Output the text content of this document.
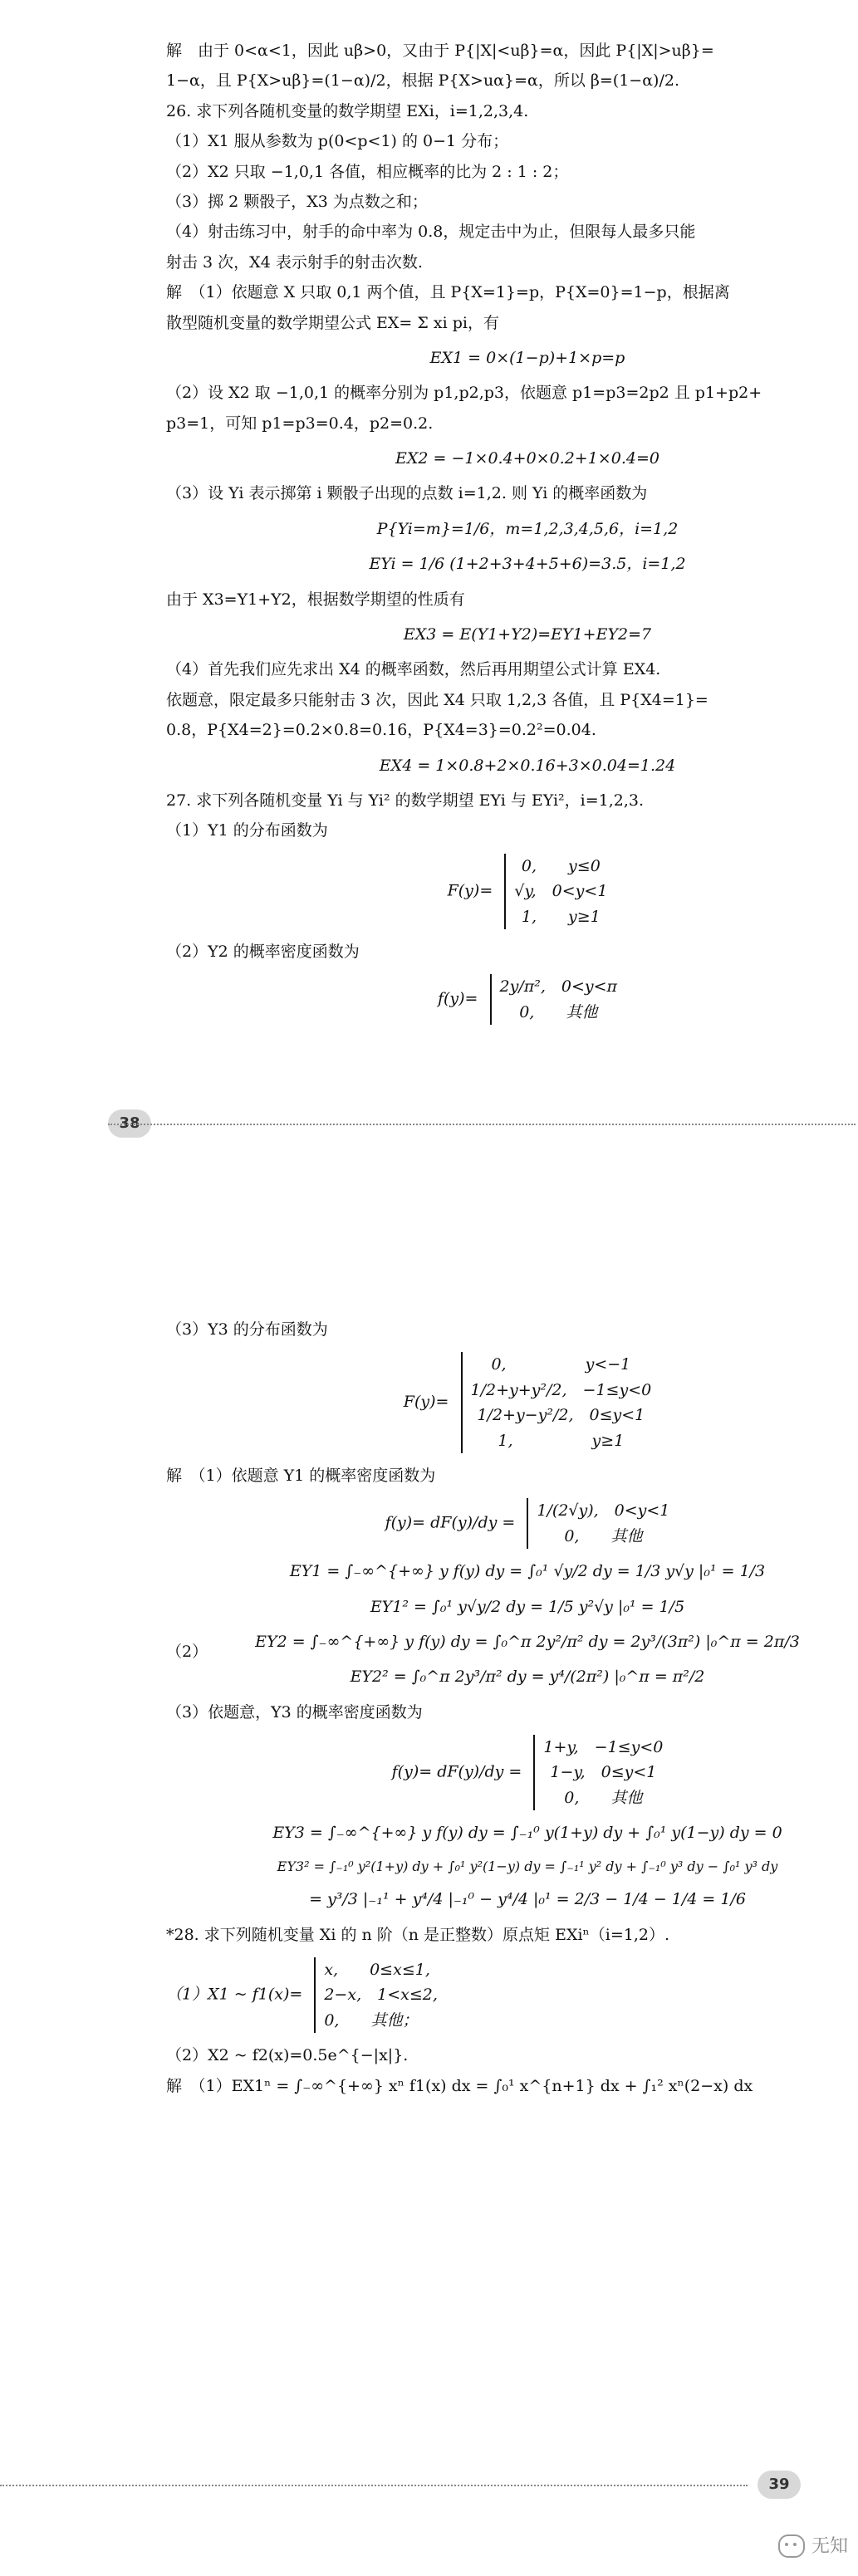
解　由于 0<α<1，因此 uβ>0，又由于 P{|X|<uβ}=α，因此 P{|X|>uβ}=
1−α，且 P{X>uβ}=(1−α)/2，根据 P{X>uα}=α，所以 β=(1−α)/2.
26. 求下列各随机变量的数学期望 EXi，i=1,2,3,4.
（1）X1 服从参数为 p(0<p<1) 的 0−1 分布；
（2）X2 只取 −1,0,1 各值，相应概率的比为 2 : 1 : 2；
（3）掷 2 颗骰子，X3 为点数之和；
（4）射击练习中，射手的命中率为 0.8，规定击中为止，但限每人最多只能
射击 3 次，X4 表示射手的射击次数.
解　（1）依题意 X 只取 0,1 两个值，且 P{X=1}=p，P{X=0}=1−p，根据离
散型随机变量的数学期望公式 EX= Σ xi pi，有
EX1 = 0×(1−p)+1×p=p
（2）设 X2 取 −1,0,1 的概率分别为 p1,p2,p3，依题意 p1=p3=2p2 且 p1+p2+
p3=1，可知 p1=p3=0.4，p2=0.2.
EX2 = −1×0.4+0×0.2+1×0.4=0
（3）设 Yi 表示掷第 i 颗骰子出现的点数 i=1,2. 则 Yi 的概率函数为
P{Yi=m}=1/6，m=1,2,3,4,5,6，i=1,2
EYi = 1/6 (1+2+3+4+5+6)=3.5，i=1,2
由于 X3=Y1+Y2，根据数学期望的性质有
EX3 = E(Y1+Y2)=EY1+EY2=7
（4）首先我们应先求出 X4 的概率函数，然后再用期望公式计算 EX4.
依题意，限定最多只能射击 3 次，因此 X4 只取 1,2,3 各值，且 P{X4=1}=
0.8，P{X4=2}=0.2×0.8=0.16，P{X4=3}=0.2²=0.04.
EX4 = 1×0.8+2×0.16+3×0.04=1.24
27. 求下列各随机变量 Yi 与 Yi² 的数学期望 EYi 与 EYi²，i=1,2,3.
（1）Y1 的分布函数为
F(y)=
0,　　y≤0
√y,　0<y<1
1,　　y≥1
（2）Y2 的概率密度函数为
f(y)=
2y/π²,　0<y<π
0,　　其他
38
（3）Y3 的分布函数为
F(y)=
0,　　　　　y<−1
1/2+y+y²/2,　−1≤y<0
1/2+y−y²/2,　0≤y<1
1,　　　　　y≥1
解　（1）依题意 Y1 的概率密度函数为
f(y)= dF(y)/dy =
1/(2√y),　0<y<1
0,　　其他
EY1 = ∫₋∞^{+∞} y f(y) dy = ∫₀¹ √y/2 dy = 1/3 y√y |₀¹ = 1/3
EY1² = ∫₀¹ y√y/2 dy = 1/5 y²√y |₀¹ = 1/5
（2）
EY2 = ∫₋∞^{+∞} y f(y) dy = ∫₀^π 2y²/π² dy = 2y³/(3π²) |₀^π = 2π/3
EY2² = ∫₀^π 2y³/π² dy = y⁴/(2π²) |₀^π = π²/2
（3）依题意，Y3 的概率密度函数为
f(y)= dF(y)/dy =
1+y,　−1≤y<0
1−y,　0≤y<1
0,　　其他
EY3 = ∫₋∞^{+∞} y f(y) dy = ∫₋₁⁰ y(1+y) dy + ∫₀¹ y(1−y) dy = 0
EY3² = ∫₋₁⁰ y²(1+y) dy + ∫₀¹ y²(1−y) dy = ∫₋₁¹ y² dy + ∫₋₁⁰ y³ dy − ∫₀¹ y³ dy
= y³/3 |₋₁¹ + y⁴/4 |₋₁⁰ − y⁴/4 |₀¹ = 2/3 − 1/4 − 1/4 = 1/6
*28. 求下列随机变量 Xi 的 n 阶（n 是正整数）原点矩 EXiⁿ（i=1,2）.
（1）X1 ~ f1(x)=
x,　　0≤x≤1,
2−x,　1<x≤2,
0,　　其他；
（2）X2 ~ f2(x)=0.5e^{−|x|}.
解　（1）EX1ⁿ = ∫₋∞^{+∞} xⁿ f1(x) dx = ∫₀¹ x^{n+1} dx + ∫₁² xⁿ(2−x) dx
39
无知
